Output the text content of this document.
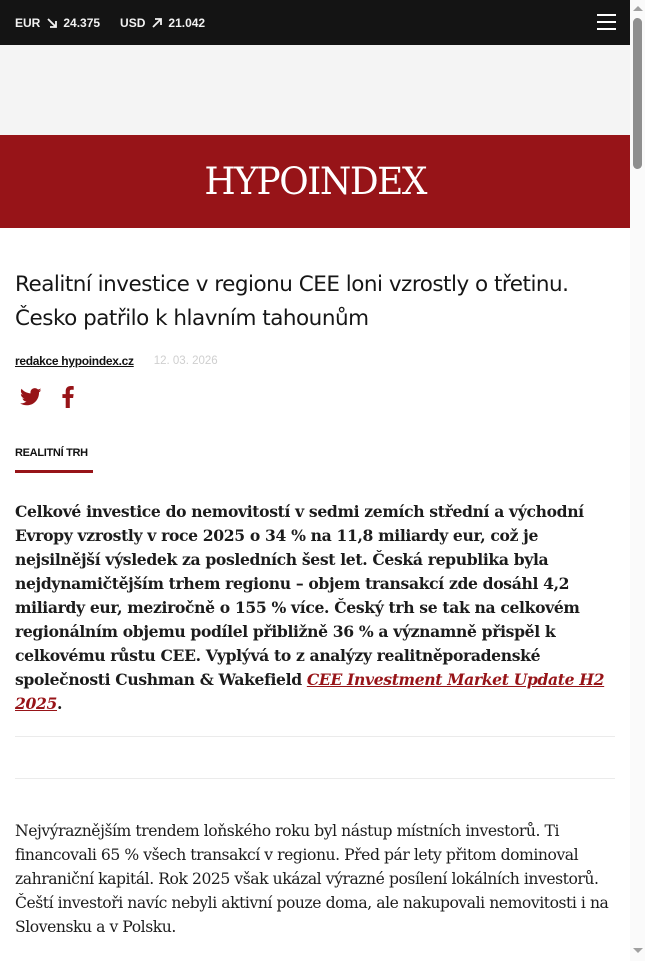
EUR 24.375 USD 21.042
HYPOINDEX
Realitní investice v regionu CEE loni vzrostly o třetinu. Česko patřilo k hlavním tahounům
redakce hypoindex.cz 12. 03. 2026
REALITNÍ TRH

Celkové investice do nemovitostí v sedmi zemích střední a východní Evropy vzrostly v roce 2025 o 34 % na 11,8 miliardy eur, což je nejsilnější výsledek za posledních šest let. Česká republika byla nejdynamičtějším trhem regionu – objem transakcí zde dosáhl 4,2 miliardy eur, meziročně o 155 % více. Český trh se tak na celkovém regionálním objemu podílel přibližně 36 % a významně přispěl k celkovému růstu CEE. Vyplývá to z analýzy realitněporadenské společnosti Cushman & Wakefield CEE Investment Market Update H2 2025.

Nejvýraznějším trendem loňského roku byl nástup místních investorů. Ti financovali 65 % všech transakcí v regionu. Před pár lety přitom dominoval zahraniční kapitál. Rok 2025 však ukázal výrazné posílení lokálních investorů. Čeští investoři navíc nebyli aktivní pouze doma, ale nakupovali nemovitosti i na Slovensku a v Polsku.
